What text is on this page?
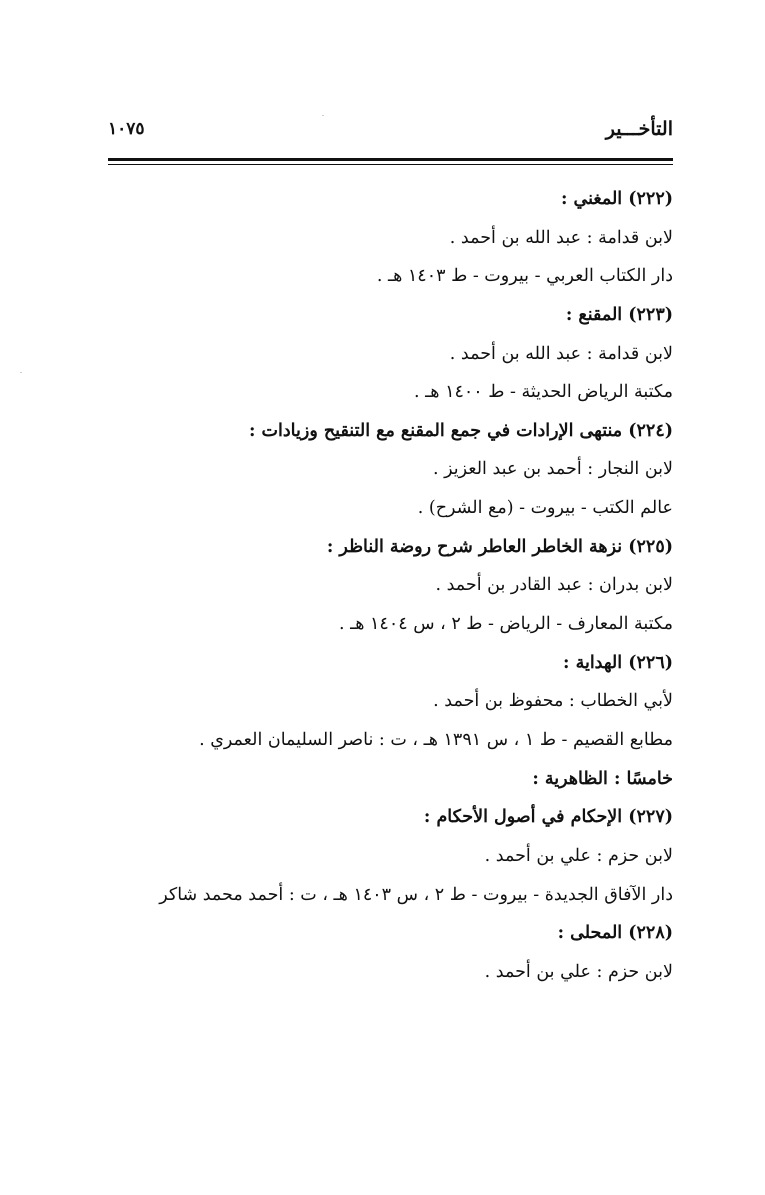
التأخـــير
١٠٧٥
(٢٢٢) المغني :
لابن قدامة : عبد الله بن أحمد .
دار الكتاب العربي - بيروت - ط ١٤٠٣ هـ .
(٢٢٣) المقنع :
لابن قدامة : عبد الله بن أحمد .
مكتبة الرياض الحديثة - ط ١٤٠٠ هـ .
(٢٢٤) منتهى الإرادات في جمع المقنع مع التنقيح وزيادات :
لابن النجار : أحمد بن عبد العزيز .
عالم الكتب - بيروت - (مع الشرح) .
(٢٢٥) نزهة الخاطر العاطر شرح روضة الناظر :
لابن بدران : عبد القادر بن أحمد .
مكتبة المعارف - الرياض - ط ٢ ، س ١٤٠٤ هـ .
(٢٢٦) الهداية :
لأبي الخطاب : محفوظ بن أحمد .
مطابع القصيم - ط ١ ، س ١٣٩١ هـ ، ت : ناصر السليمان العمري .
خامسًا : الظاهرية :
(٢٢٧) الإحكام في أصول الأحكام :
لابن حزم : علي بن أحمد .
دار الآفاق الجديدة - بيروت - ط ٢ ، س ١٤٠٣ هـ ، ت : أحمد محمد شاكر
(٢٢٨) المحلى :
لابن حزم : علي بن أحمد .
